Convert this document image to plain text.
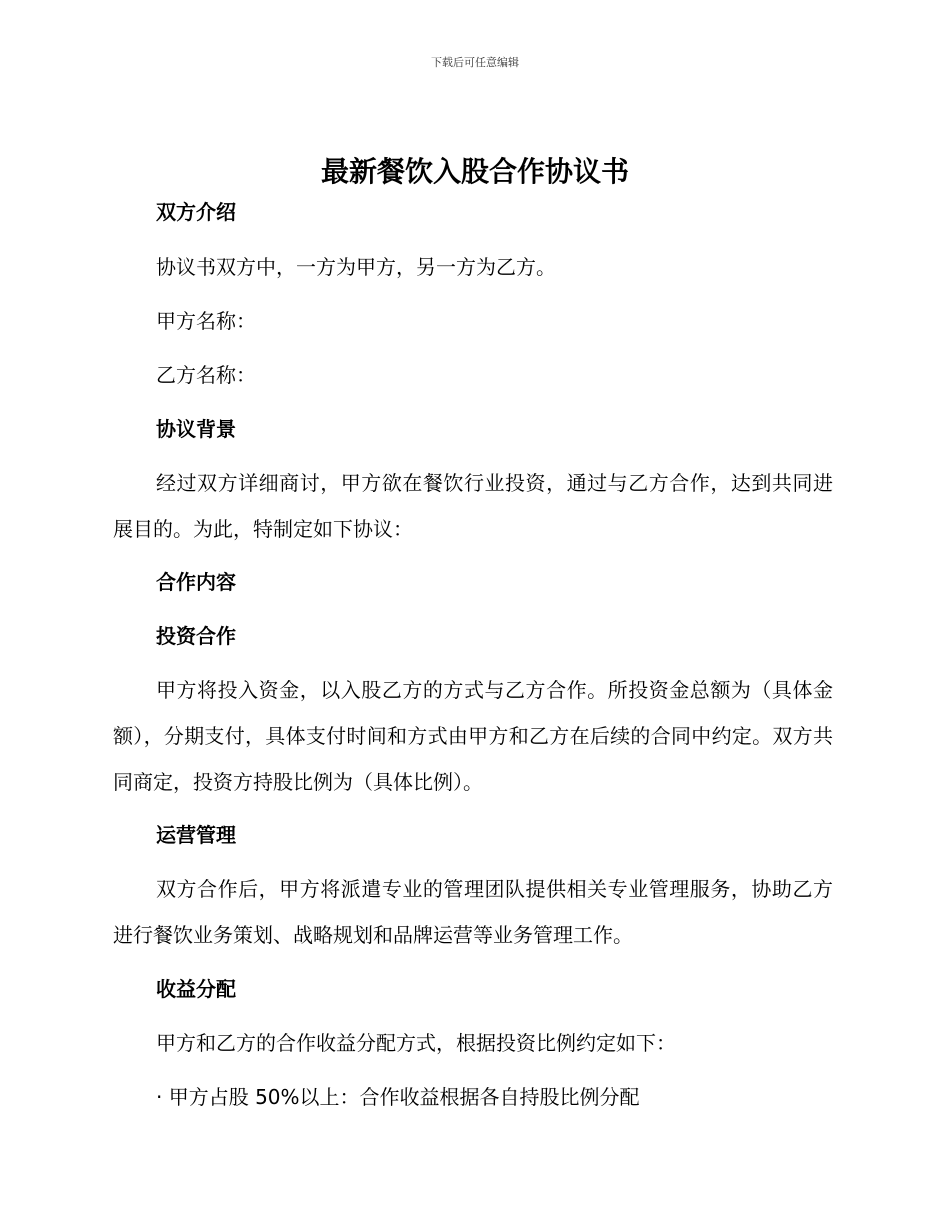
下载后可任意编辑
最新餐饮入股合作协议书

双方介绍

协议书双方中，一方为甲方，另一方为乙方。

甲方名称：

乙方名称：

协议背景

经过双方详细商讨，甲方欲在餐饮行业投资，通过与乙方合作，达到共同进展目的。为此，特制定如下协议：

合作内容

投资合作

甲方将投入资金，以入股乙方的方式与乙方合作。所投资金总额为（具体金额），分期支付，具体支付时间和方式由甲方和乙方在后续的合同中约定。双方共同商定，投资方持股比例为（具体比例）。

运营管理

双方合作后，甲方将派遣专业的管理团队提供相关专业管理服务，协助乙方进行餐饮业务策划、战略规划和品牌运营等业务管理工作。

收益分配

甲方和乙方的合作收益分配方式，根据投资比例约定如下：

· 甲方占股 50%以上：合作收益根据各自持股比例分配
